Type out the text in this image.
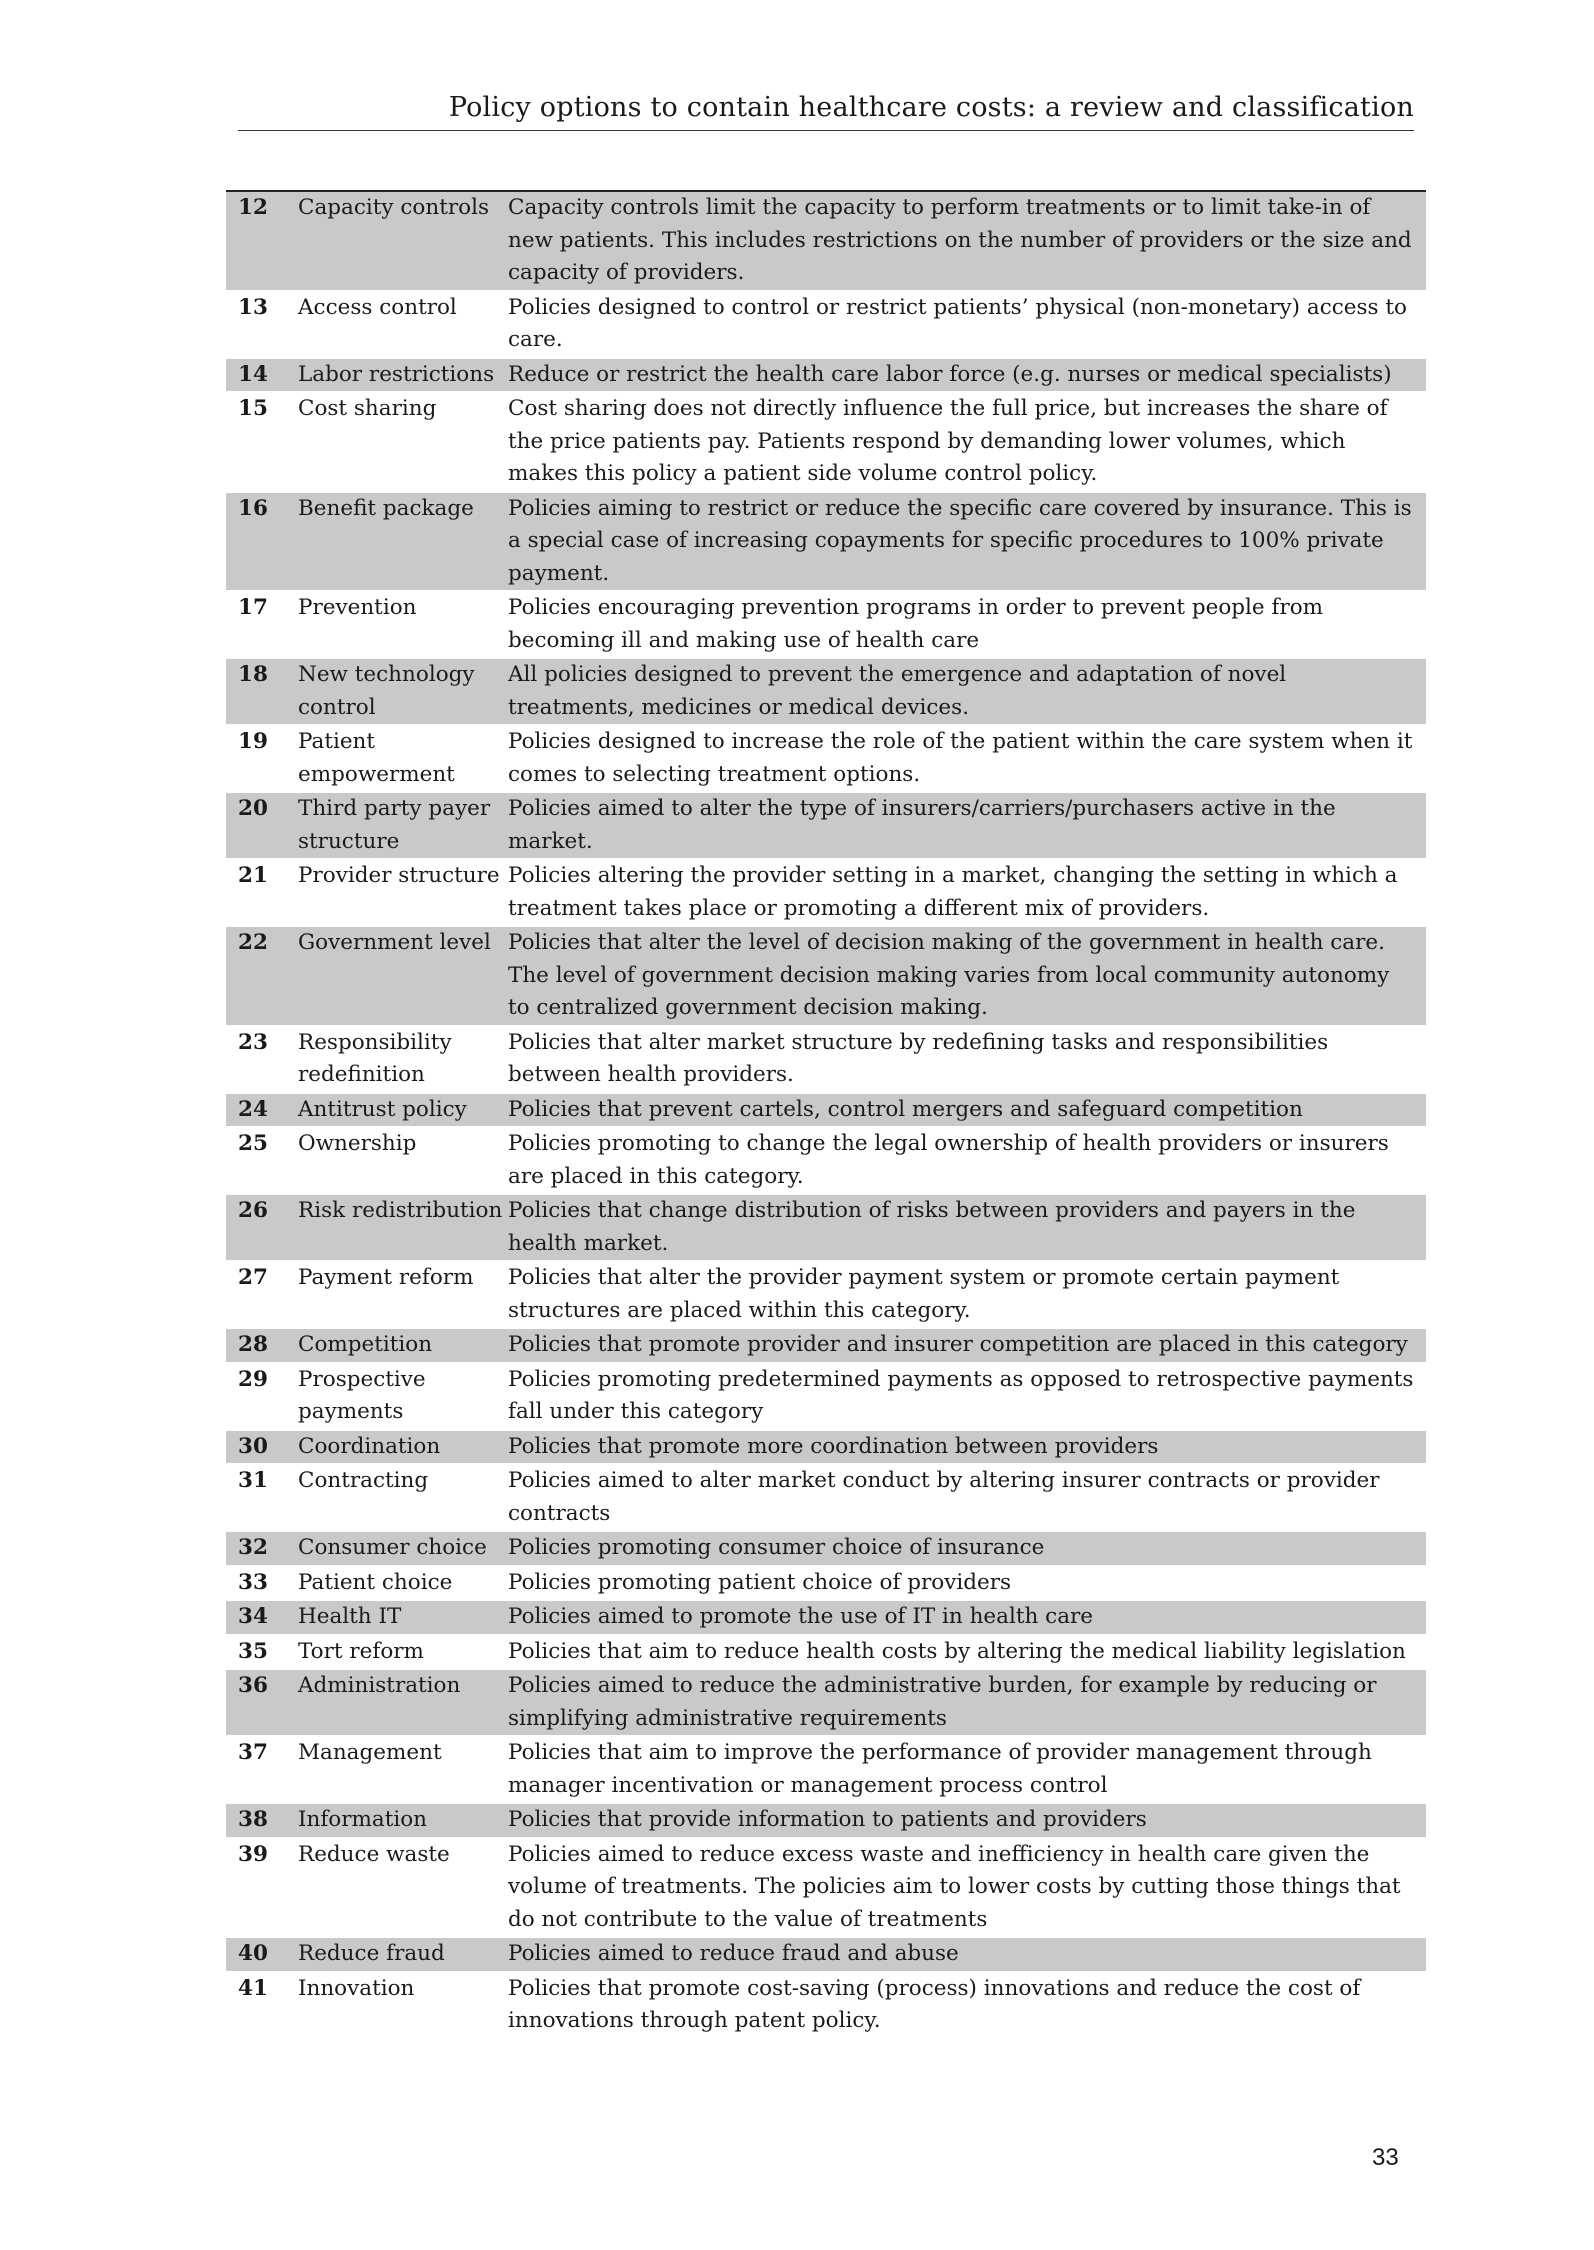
Policy options to contain healthcare costs: a review and classification
12	Capacity controls	Capacity controls limit the capacity to perform treatments or to limit take-in of new patients. This includes restrictions on the number of providers or the size and capacity of providers.
13	Access control	Policies designed to control or restrict patients’ physical (non-monetary) access to care.
14	Labor restrictions	Reduce or restrict the health care labor force (e.g. nurses or medical specialists)
15	Cost sharing	Cost sharing does not directly influence the full price, but increases the share of the price patients pay. Patients respond by demanding lower volumes, which makes this policy a patient side volume control policy.
16	Benefit package	Policies aiming to restrict or reduce the specific care covered by insurance. This is a special case of increasing copayments for specific procedures to 100% private payment.
17	Prevention	Policies encouraging prevention programs in order to prevent people from becoming ill and making use of health care
18	New technology control	All policies designed to prevent the emergence and adaptation of novel treatments, medicines or medical devices.
19	Patient empowerment	Policies designed to increase the role of the patient within the care system when it comes to selecting treatment options.
20	Third party payer structure	Policies aimed to alter the type of insurers/carriers/purchasers active in the market.
21	Provider structure	Policies altering the provider setting in a market, changing the setting in which a treatment takes place or promoting a different mix of providers.
22	Government level	Policies that alter the level of decision making of the government in health care. The level of government decision making varies from local community autonomy to centralized government decision making.
23	Responsibility redefinition	Policies that alter market structure by redefining tasks and responsibilities between health providers.
24	Antitrust policy	Policies that prevent cartels, control mergers and safeguard competition
25	Ownership	Policies promoting to change the legal ownership of health providers or insurers are placed in this category.
26	Risk redistribution	Policies that change distribution of risks between providers and payers in the health market.
27	Payment reform	Policies that alter the provider payment system or promote certain payment structures are placed within this category.
28	Competition	Policies that promote provider and insurer competition are placed in this category
29	Prospective payments	Policies promoting predetermined payments as opposed to retrospective payments fall under this category
30	Coordination	Policies that promote more coordination between providers
31	Contracting	Policies aimed to alter market conduct by altering insurer contracts or provider contracts
32	Consumer choice	Policies promoting consumer choice of insurance
33	Patient choice	Policies promoting patient choice of providers
34	Health IT	Policies aimed to promote the use of IT in health care
35	Tort reform	Policies that aim to reduce health costs by altering the medical liability legislation
36	Administration	Policies aimed to reduce the administrative burden, for example by reducing or simplifying administrative requirements
37	Management	Policies that aim to improve the performance of provider management through manager incentivation or management process control
38	Information	Policies that provide information to patients and providers
39	Reduce waste	Policies aimed to reduce excess waste and inefficiency in health care given the volume of treatments. The policies aim to lower costs by cutting those things that do not contribute to the value of treatments
40	Reduce fraud	Policies aimed to reduce fraud and abuse
41	Innovation	Policies that promote cost-saving (process) innovations and reduce the cost of innovations through patent policy.
33
